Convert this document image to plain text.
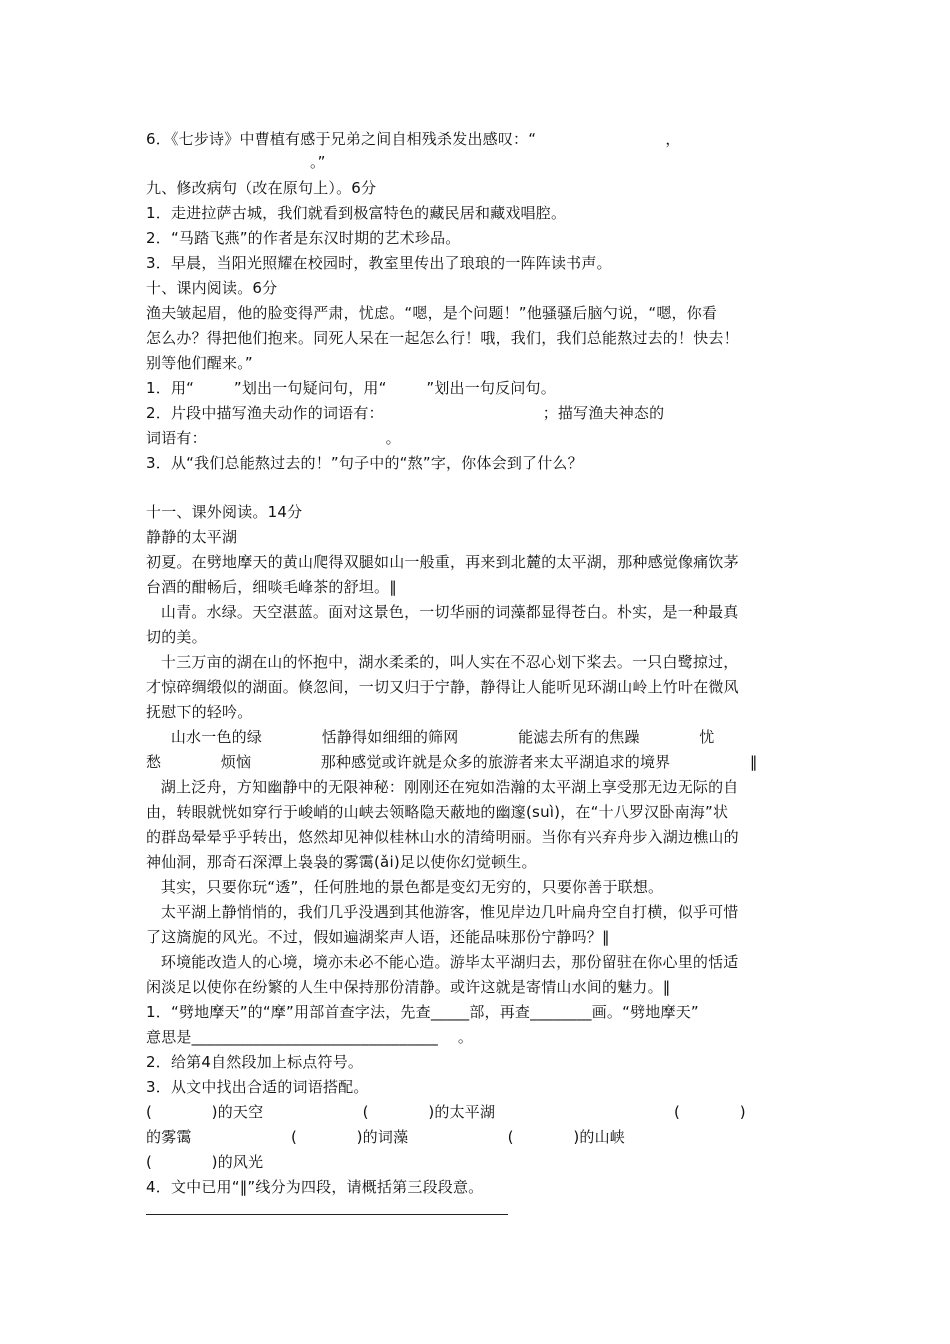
6．《七步诗》中曹植有感于兄弟之间自相残杀发出感叹：“                          ，
。”
九、修改病句（改在原句上）。6分
1．走进拉萨古城，我们就看到极富特色的藏民居和藏戏唱腔。
2．“马踏飞燕”的作者是东汉时期的艺术珍品。
3．早晨，当阳光照耀在校园时，教室里传出了琅琅的一阵阵读书声。
十、课内阅读。6分
渔夫皱起眉，他的脸变得严肃，忧虑。“嗯，是个问题！”他骚骚后脑勺说，“嗯，你看
怎么办？得把他们抱来。同死人呆在一起怎么行！哦，我们，我们总能熬过去的！快去！
别等他们醒来。”
1．用“        ”划出一句疑问句，用“        ”划出一句反问句。
2．片段中描写渔夫动作的词语有：                                ；描写渔夫神态的
词语有：                                    。
3．从“我们总能熬过去的！”句子中的“熬”字，你体会到了什么？
十一、课外阅读。14分
静静的太平湖
初夏。在劈地摩天的黄山爬得双腿如山一般重，再来到北麓的太平湖，那种感觉像痛饮茅
台酒的酣畅后，细啖毛峰茶的舒坦。‖
山青。水绿。天空湛蓝。面对这景色，一切华丽的词藻都显得苍白。朴实，是一种最真
切的美。
十三万亩的湖在山的怀抱中，湖水柔柔的，叫人实在不忍心划下桨去。一只白鹭掠过，
才惊碎绸缎似的湖面。倏忽间，一切又归于宁静，静得让人能听见环湖山岭上竹叶在微风
抚慰下的轻吟。
山水一色的绿            恬静得如细细的筛网            能滤去所有的焦躁            忧
愁            烦恼              那种感觉或许就是众多的旅游者来太平湖追求的境界                ‖
湖上泛舟，方知幽静中的无限神秘：刚刚还在宛如浩瀚的太平湖上享受那无边无际的自
由，转眼就恍如穿行于峻峭的山峡去领略隐天蔽地的幽邃(suì)，在“十八罗汉卧南海”状
的群岛晕晕乎乎转出，悠然却见神似桂林山水的清绮明丽。当你有兴弃舟步入湖边樵山的
神仙洞，那奇石深潭上袅袅的雾霭(ǎi)足以使你幻觉顿生。
其实，只要你玩“透”，任何胜地的景色都是变幻无穷的，只要你善于联想。
太平湖上静悄悄的，我们几乎没遇到其他游客，惟见岸边几叶扁舟空自打横，似乎可惜
了这旖旎的风光。不过，假如遍湖桨声人语，还能品味那份宁静吗？‖
环境能改造人的心境，境亦未必不能心造。游毕太平湖归去，那份留驻在你心里的恬适
闲淡足以使你在纷繁的人生中保持那份清静。或许这就是寄情山水间的魅力。‖
1．“劈地摩天”的“摩”用部首查字法，先查_____部，再查________画。“劈地摩天”
意思是________________________________    。
2．给第4自然段加上标点符号。
3．从文中找出合适的词语搭配。
(            )的天空                    (            )的太平湖                                    (            )
的雾霭                    (            )的词藻                    (            )的山峡
(            )的风光
4．文中已用“‖”线分为四段，请概括第三段段意。
